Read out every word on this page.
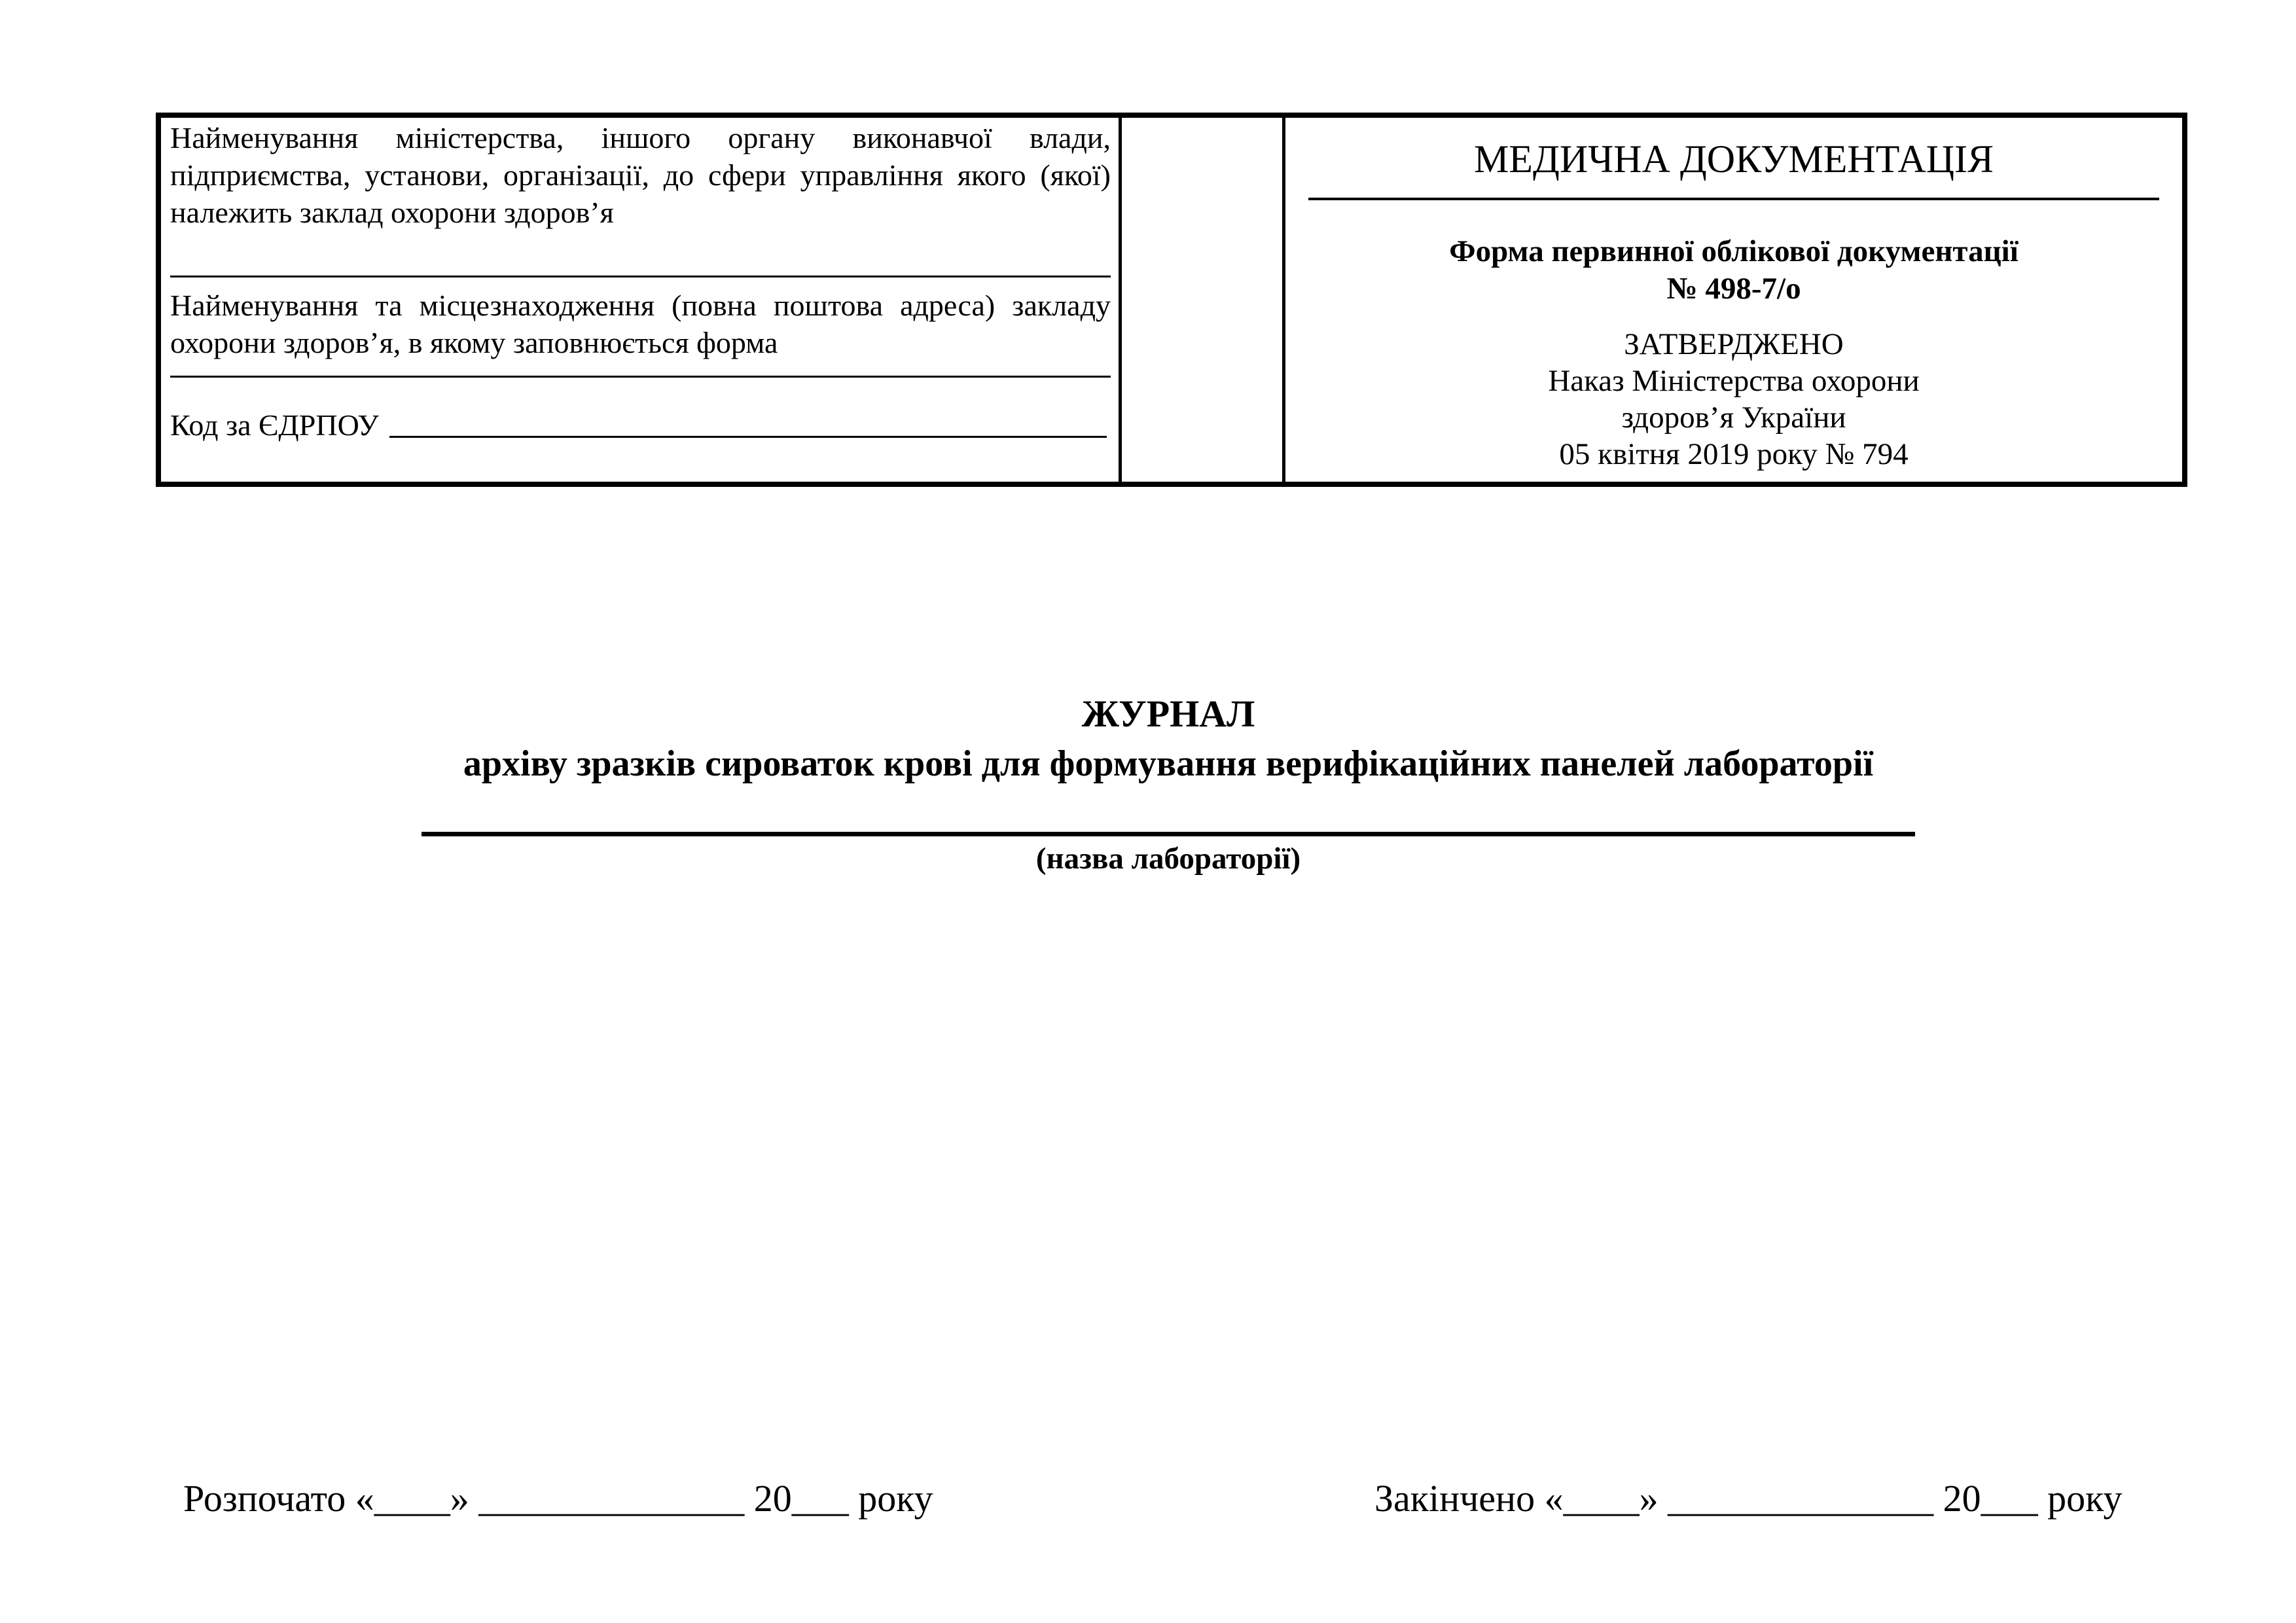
Найменування міністерства, іншого органу виконавчої влади, підприємства, установи, організації, до сфери управління якого (якої) належить заклад охорони здоров’я

Найменування та місцезнаходження (повна поштова адреса) закладу охорони здоров’я, в якому заповнюється форма

Код за ЄДРПОУ

МЕДИЧНА ДОКУМЕНТАЦІЯ
Форма первинної облікової документації
№ 498-7/о
ЗАТВЕРДЖЕНО
Наказ Міністерства охорони
здоров’я України
05 квітня 2019 року № 794
ЖУРНАЛ
архіву зразків сироваток крові для формування верифікаційних панелей лабораторії
(назва лабораторії)
Розпочато «____» ______________ 20___ року	Закінчено «____» ______________ 20___ року
